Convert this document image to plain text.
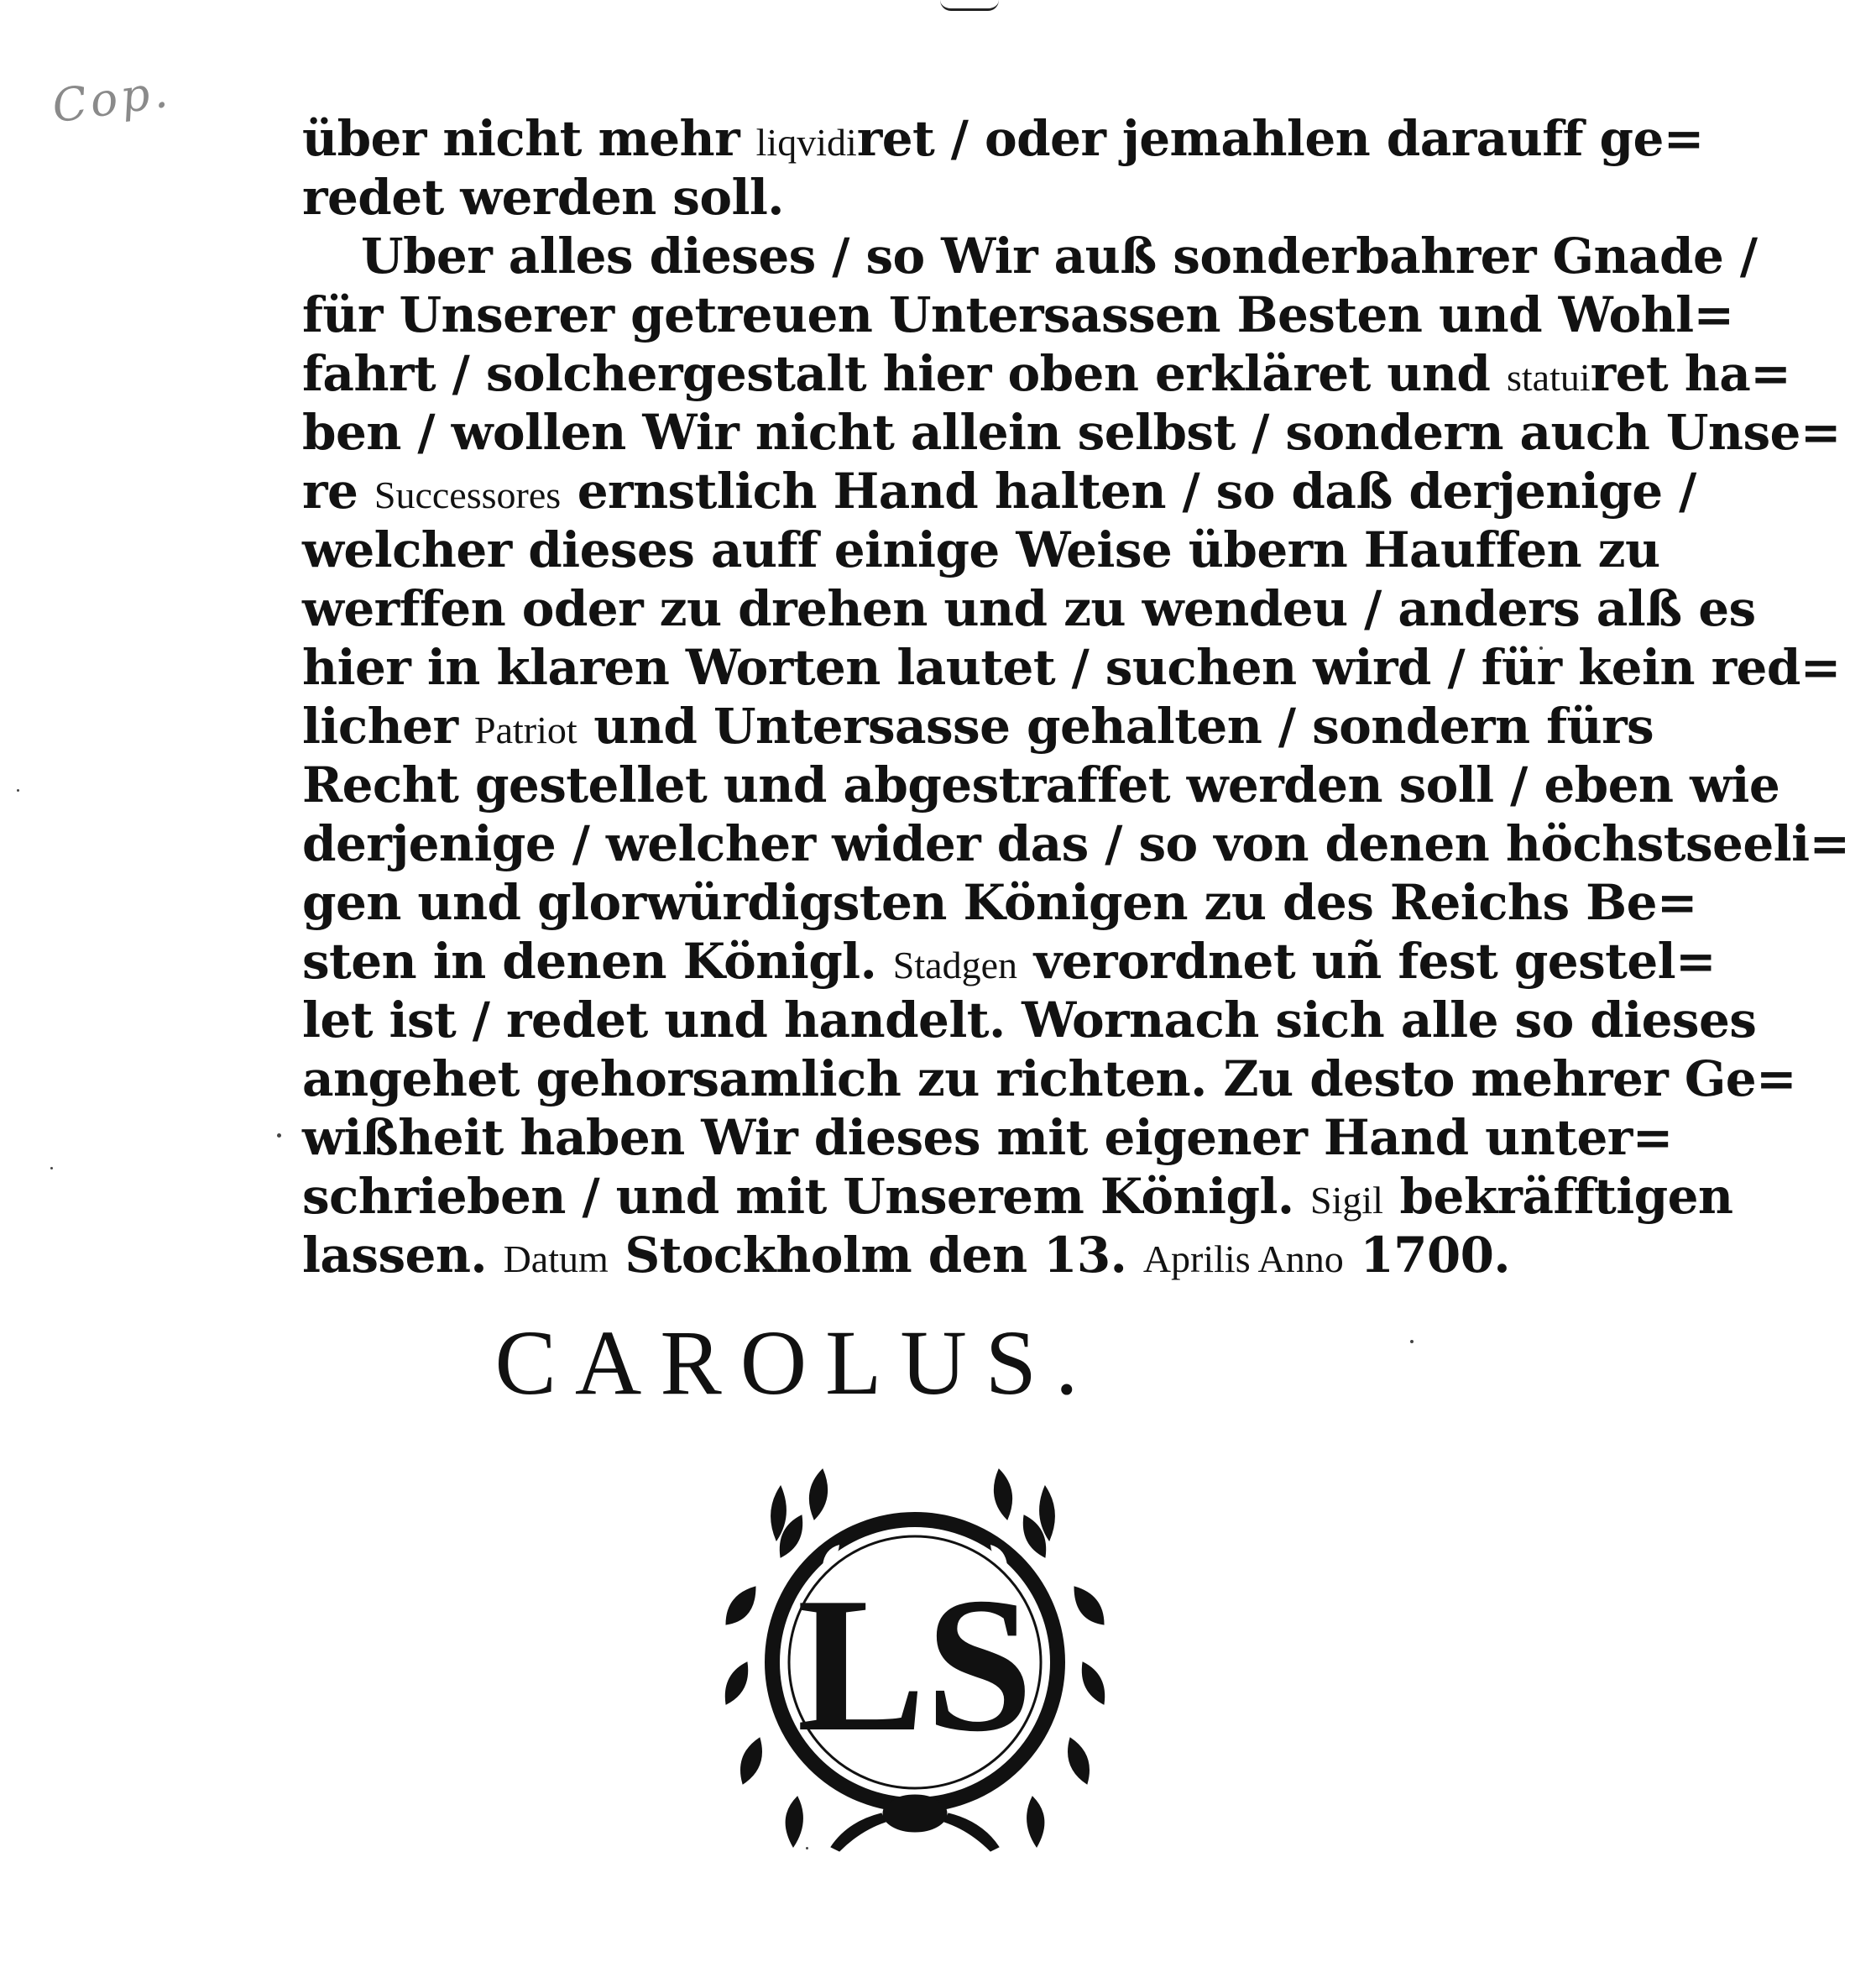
Cop.
über nicht mehr liqvidiret / oder jemahlen darauff ge=
redet werden soll.
Uber alles dieses / so Wir auß sonderbahrer Gnade /
für Unserer getreuen Untersassen Besten und Wohl=
fahrt / solchergestalt hier oben erkläret und statuiret ha=
ben / wollen Wir nicht allein selbst / sondern auch Unse=
re Successores ernstlich Hand halten / so daß derjenige /
welcher dieses auff einige Weise übern Hauffen zu
werffen oder zu drehen und zu wendeu / anders alß es
hier in klaren Worten lautet / suchen wird / für kein red=
licher Patriot und Untersasse gehalten / sondern fürs
Recht gestellet und abgestraffet werden soll / eben wie
derjenige / welcher wider das / so von denen höchstseeli=
gen und glorwürdigsten Königen zu des Reichs Be=
sten in denen Königl. Stadgen verordnet uñ fest gestel=
let ist / redet und handelt. Wornach sich alle so dieses
angehet gehorsamlich zu richten. Zu desto mehrer Ge=
wißheit haben Wir dieses mit eigener Hand unter=
schrieben / und mit Unserem Königl. Sigil bekräfftigen
lassen. Datum Stockholm den 13. Aprilis Anno 1700.
CAROLUS.
LS
